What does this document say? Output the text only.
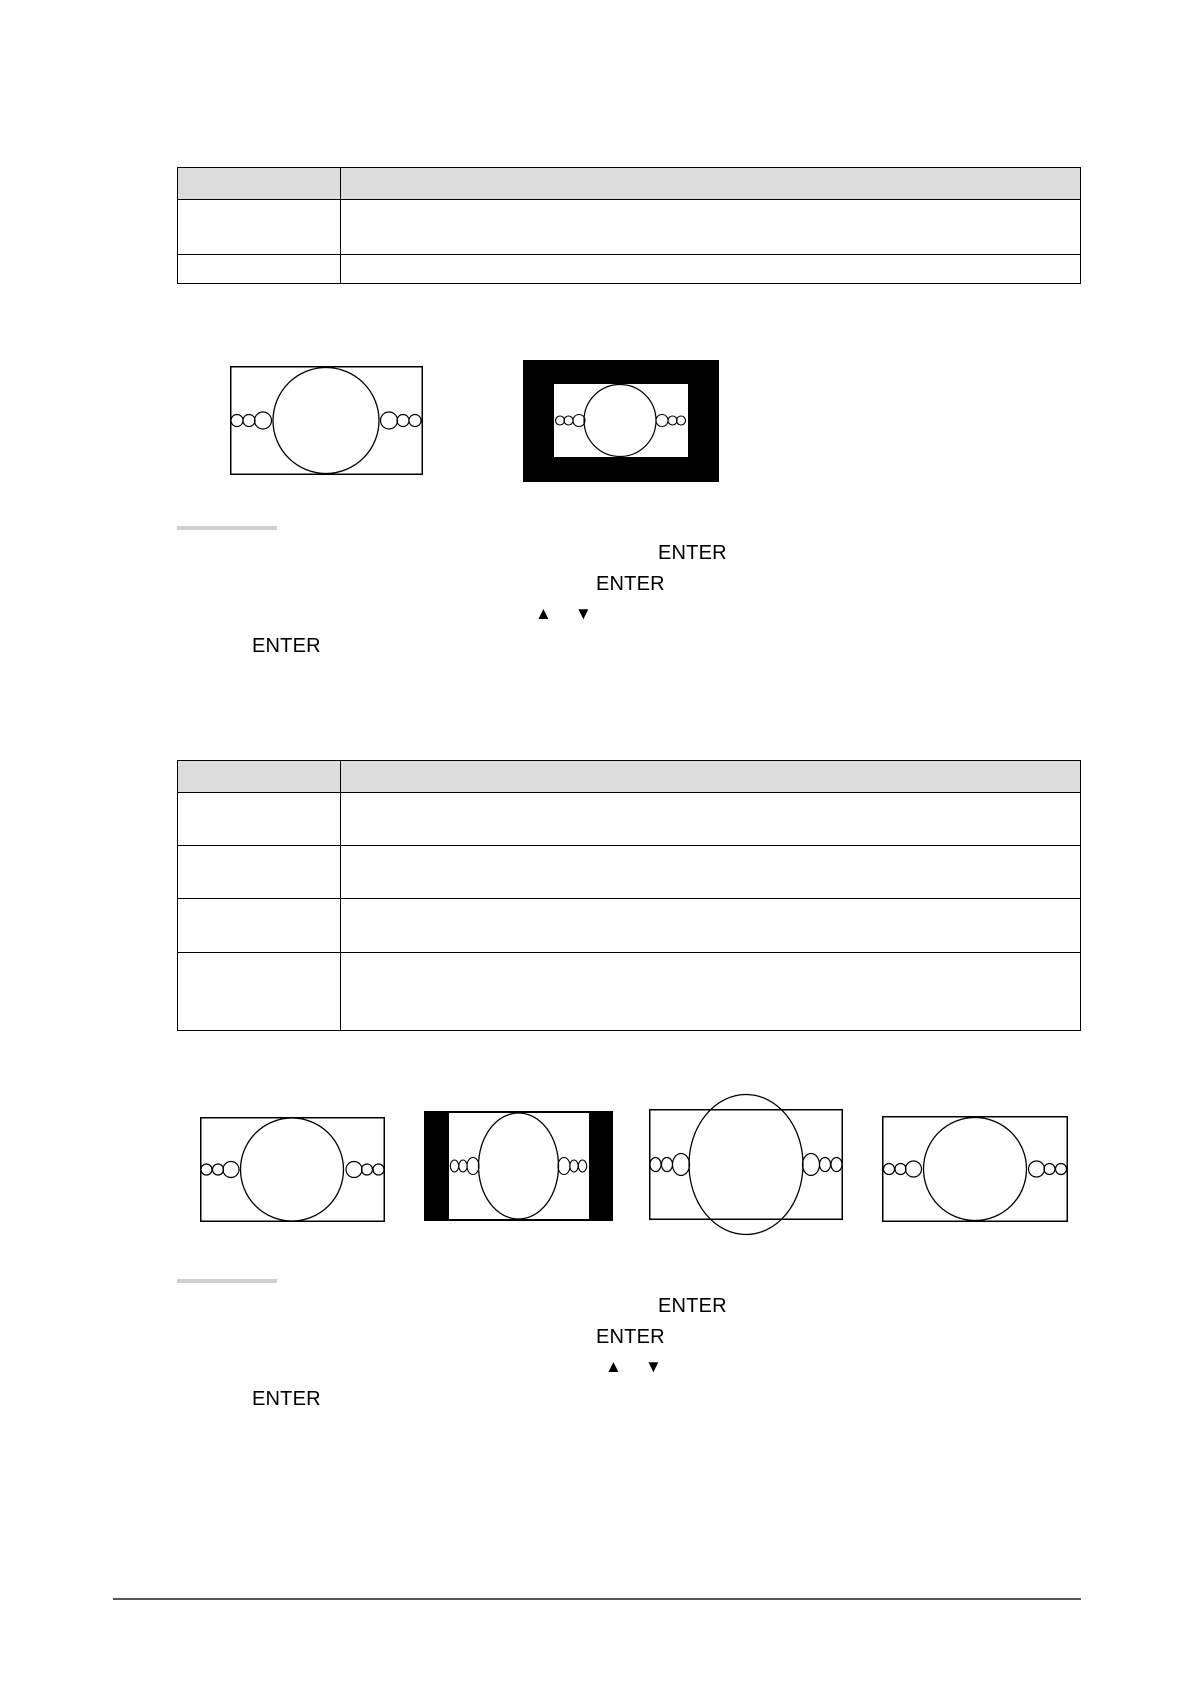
ENTER
ENTER
▲ ▼
ENTER

ENTER
ENTER
▲ ▼
ENTER
